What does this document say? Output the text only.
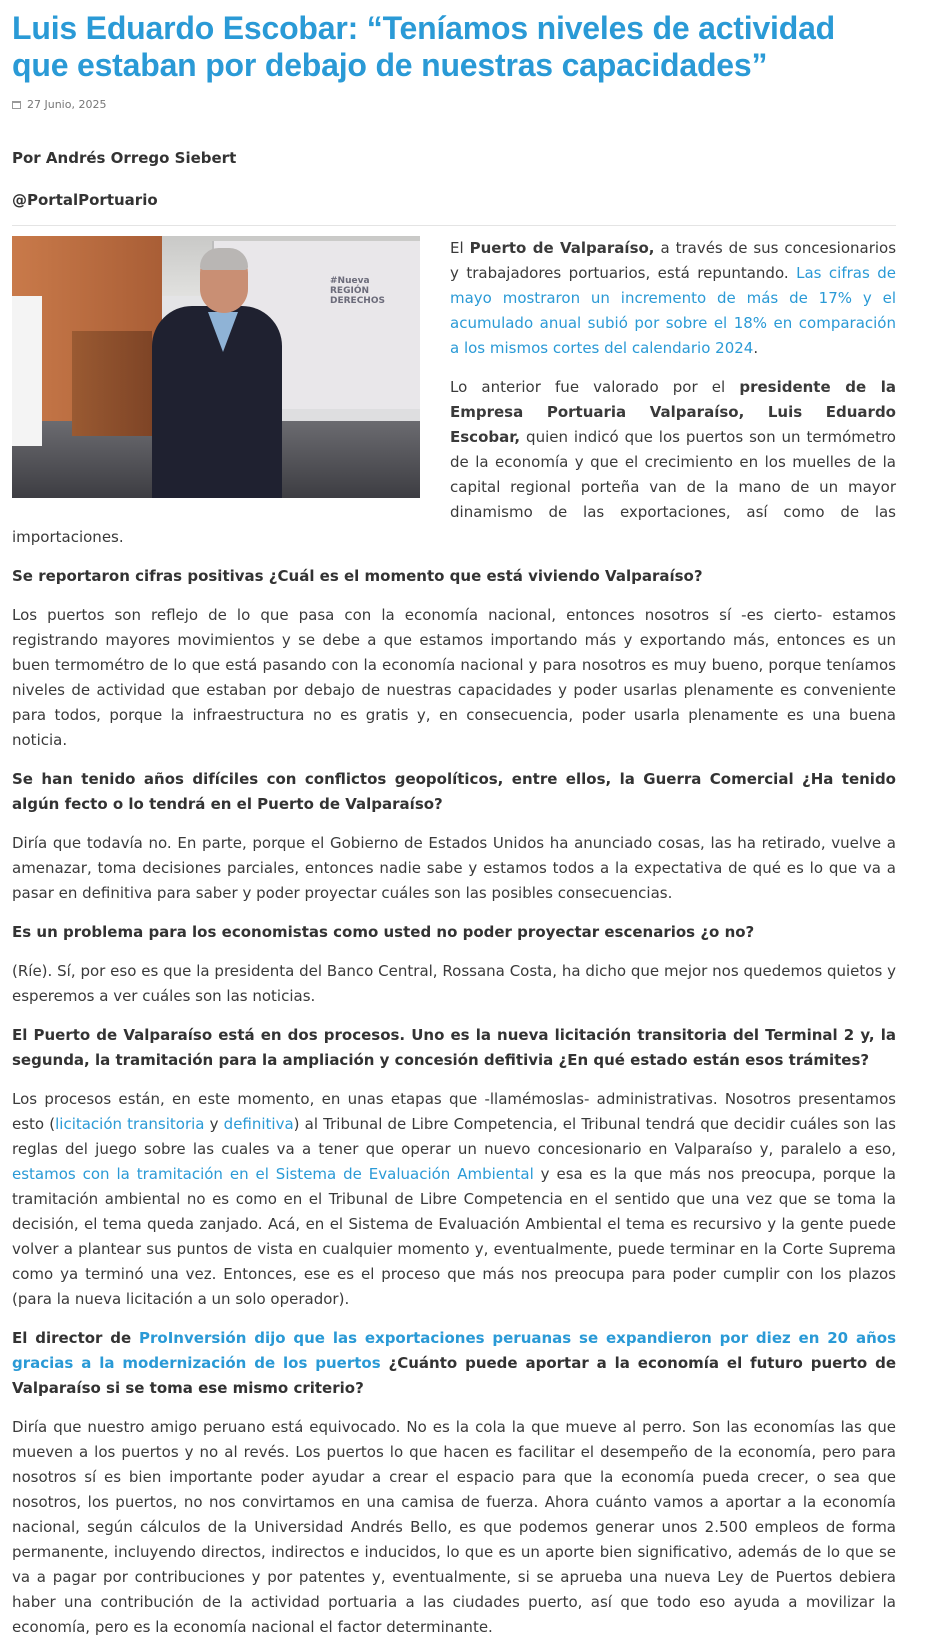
Luis Eduardo Escobar: “Teníamos niveles de actividad que estaban por debajo de nuestras capacidades”
27 Junio, 2025
Por Andrés Orrego Siebert
@PortalPortuario
#Nueva
REGIÓN
DERECHOS

El Puerto de Valparaíso, a través de sus concesionarios y trabajadores portuarios, está repuntando. Las cifras de mayo mostraron un incremento de más de 17% y el acumulado anual subió por sobre el 18% en comparación a los mismos cortes del calendario 2024.

Lo anterior fue valorado por el presidente de la Empresa Portuaria Valparaíso, Luis Eduardo Escobar, quien indicó que los puertos son un termómetro de la economía y que el crecimiento en los muelles de la capital regional porteña van de la mano de un mayor dinamismo de las exportaciones, así como de las importaciones.

Se reportaron cifras positivas ¿Cuál es el momento que está viviendo Valparaíso?

Los puertos son reflejo de lo que pasa con la economía nacional, entonces nosotros sí -es cierto- estamos registrando mayores movimientos y se debe a que estamos importando más y exportando más, entonces es un buen termométro de lo que está pasando con la economía nacional y para nosotros es muy bueno, porque teníamos niveles de actividad que estaban por debajo de nuestras capacidades y poder usarlas plenamente es conveniente para todos, porque la infraestructura no es gratis y, en consecuencia, poder usarla plenamente es una buena noticia.

Se han tenido años difíciles con conflictos geopolíticos, entre ellos, la Guerra Comercial ¿Ha tenido algún fecto o lo tendrá en el Puerto de Valparaíso?

Diría que todavía no. En parte, porque el Gobierno de Estados Unidos ha anunciado cosas, las ha retirado, vuelve a amenazar, toma decisiones parciales, entonces nadie sabe y estamos todos a la expectativa de qué es lo que va a pasar en definitiva para saber y poder proyectar cuáles son las posibles consecuencias.

Es un problema para los economistas como usted no poder proyectar escenarios ¿o no?

(Ríe). Sí, por eso es que la presidenta del Banco Central, Rossana Costa, ha dicho que mejor nos quedemos quietos y esperemos a ver cuáles son las noticias.

El Puerto de Valparaíso está en dos procesos. Uno es la nueva licitación transitoria del Terminal 2 y, la segunda, la tramitación para la ampliación y concesión defitivia ¿En qué estado están esos trámites?

Los procesos están, en este momento, en unas etapas que -llamémoslas- administrativas. Nosotros presentamos esto (licitación transitoria y definitiva) al Tribunal de Libre Competencia, el Tribunal tendrá que decidir cuáles son las reglas del juego sobre las cuales va a tener que operar un nuevo concesionario en Valparaíso y, paralelo a eso, estamos con la tramitación en el Sistema de Evaluación Ambiental y esa es la que más nos preocupa, porque la tramitación ambiental no es como en el Tribunal de Libre Competencia en el sentido que una vez que se toma la decisión, el tema queda zanjado. Acá, en el Sistema de Evaluación Ambiental el tema es recursivo y la gente puede volver a plantear sus puntos de vista en cualquier momento y, eventualmente, puede terminar en la Corte Suprema como ya terminó una vez. Entonces, ese es el proceso que más nos preocupa para poder cumplir con los plazos (para la nueva licitación a un solo operador).

El director de ProInversión dijo que las exportaciones peruanas se expandieron por diez en 20 años gracias a la modernización de los puertos ¿Cuánto puede aportar a la economía el futuro puerto de Valparaíso si se toma ese mismo criterio?

Diría que nuestro amigo peruano está equivocado. No es la cola la que mueve al perro. Son las economías las que mueven a los puertos y no al revés. Los puertos lo que hacen es facilitar el desempeño de la economía, pero para nosotros sí es bien importante poder ayudar a crear el espacio para que la economía pueda crecer, o sea que nosotros, los puertos, no nos convirtamos en una camisa de fuerza. Ahora cuánto vamos a aportar a la economía nacional, según cálculos de la Universidad Andrés Bello, es que podemos generar unos 2.500 empleos de forma permanente, incluyendo directos, indirectos e inducidos, lo que es un aporte bien significativo, además de lo que se va a pagar por contribuciones y por patentes y, eventualmente, si se aprueba una nueva Ley de Puertos debiera haber una contribución de la actividad portuaria a las ciudades puerto, así que todo eso ayuda a movilizar la economía, pero es la economía nacional el factor determinante.
